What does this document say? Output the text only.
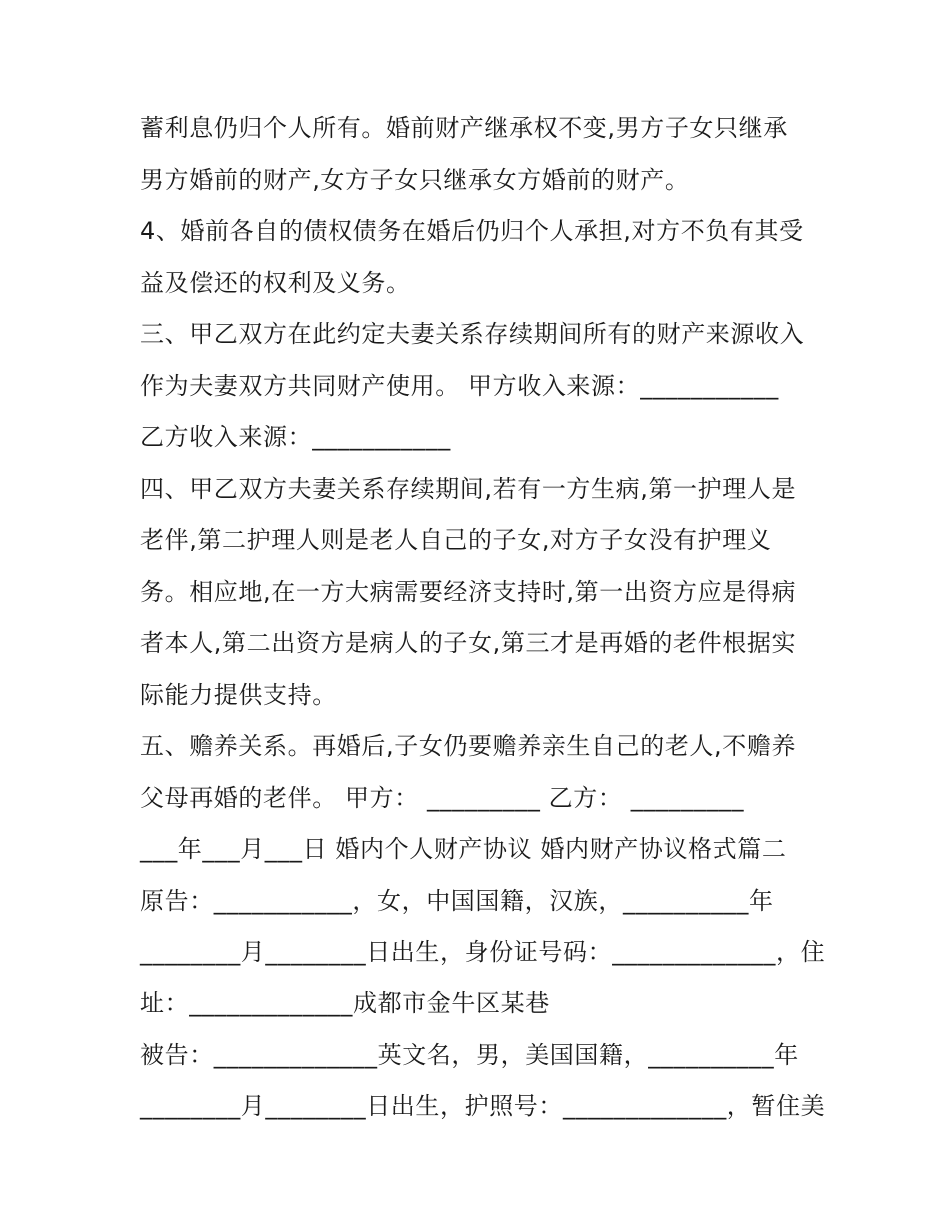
蓄利息仍归个人所有。婚前财产继承权不变,男方子女只继承
男方婚前的财产,女方子女只继承女方婚前的财产。
4、婚前各自的债权债务在婚后仍归个人承担,对方不负有其受
益及偿还的权利及义务。
三、甲乙双方在此约定夫妻关系存续期间所有的财产来源收入
作为夫妻双方共同财产使用。 甲方收入来源：___________
乙方收入来源：___________
四、甲乙双方夫妻关系存续期间,若有一方生病,第一护理人是
老伴,第二护理人则是老人自己的子女,对方子女没有护理义
务。相应地,在一方大病需要经济支持时,第一出资方应是得病
者本人,第二出资方是病人的子女,第三才是再婚的老件根据实
际能力提供支持。
五、赡养关系。再婚后,子女仍要赡养亲生自己的老人,不赡养
父母再婚的老伴。 甲方： _________ 乙方： _________
___年___月___日 婚内个人财产协议 婚内财产协议格式篇二
原告：___________，女，中国国籍，汉族，__________年
________月________日出生，身份证号码：_____________，住
址：_____________成都市金牛区某巷
被告：_____________英文名，男，美国国籍，__________年
________月________日出生，护照号：_____________，暂住美
